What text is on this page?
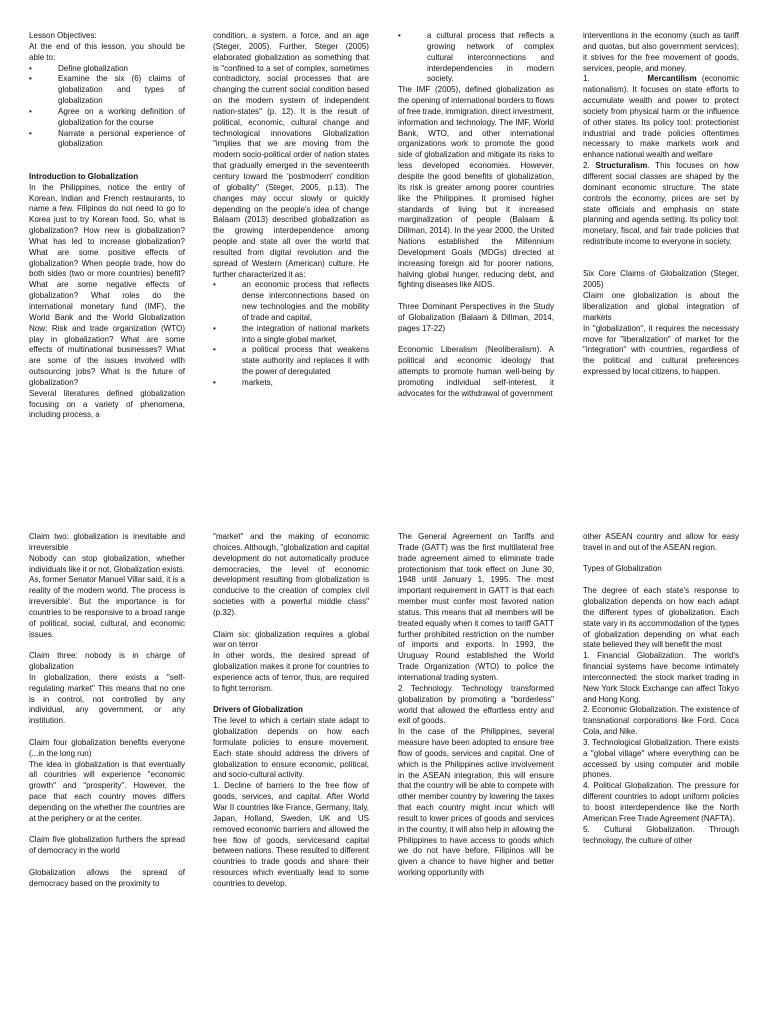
Lesson Objectives:

At the end of this lesson, you should be able to:

• Define globalization

• Examine the six (6) claims of globalization and types of globalization

• Agree on a working definition of globalization for the course

• Narrate a personal experience of globalization

Introduction to Globalization

In the Philippines, notice the entry of Korean, Indian and French restaurants, to name a few. Filipinos do not need to go to Korea just to try Korean food. So, what is globalization? How new is globalization? What has led to increase globalization? What are some positive effects of globalization? When people trade, how do both sides (two or more countries) benefit? What are some negative effects of globalization? What roles do the international monetary fund (IMF), the World Bank and the World Globalization Now: Risk and trade organization (WTO) play in globalization? What are some effects of multinational businesses? What are some of the issues involved with outsourcing jobs? What is the future of globalization?

Several literatures defined globalization focusing on a variety of phenomena, including process, a

condition, a system, a force, and an age (Steger, 2005). Further, Steger (2005) elaborated globalization as something that is "confined to a set of complex, sometimes contradictory, social processes that are changing the current social condition based on the modern system of independent nation-states" (p. 12). It is the result of political, economic, cultural change and technological innovations Globalization "implies that we are moving from the modern socio-political order of nation states that gradually emerged in the seventeenth century toward the 'postmodern' condition of globality" (Steger, 2005, p.13). The changes may occur slowly or quickly depending on the people's idea of change Balaam (2013) described globalization as the growing interdependence among people and state all over the world that resulted from digital revolution and the spread of Western (American) culture. He further characterized it as:

• an economic process that reflects dense interconnections based on new technologies and the mobility of trade and capital,

• the integration of national markets into a single global market,

• a political process that weakens state authority and replaces it with the power of deregulated

• markets,

• a cultural process that reflects a growing network of complex cultural interconnections and interdependencies in modern society.

The IMF (2005), defined globalization as the opening of international borders to flows of free trade, immigration, direct investment, information and technology. The IMF, World Bank, WTO, and other international organizations work to promote the good side of globalization and mitigate its risks to less developed economies. However, despite the good benefits of globalization, its risk is greater among poorer countries like the Philippines. It promised higher standards of living but it increased marginalization of people (Balaam & Dillman, 2014). In the year 2000, the United Nations established the Millennium Development Goals (MDGs) directed at increasing foreign aid for poorer nations, halving global hunger, reducing debt, and fighting diseases like AIDS.

Three Dominant Perspectives in the Study of Globalization (Balaam & Dillman, 2014, pages 17-22)

Economic Liberalism (Neoliberalism). A political and economic ideology that attempts to promote human well-being by promoting individual self-interest, it advocates for the withdrawal of government

interventions in the economy (such as tariff and quotas, but also government services); it strives for the free movement of goods, services, people, and money.

1.	Mercantilism (economic nationalism). It focuses on state efforts to accumulate wealth and power to protect society from physical harm or the influence of other states. Its policy tool: protectionist industrial and trade policies oftentimes necessary to make markets work and enhance national wealth and welfare

2. Structuralism. This focuses on how different social classes are shaped by the dominant economic structure. The state controls the economy, prices are set by state officials and emphasis on state planning and agenda setting. Its policy tool: monetary, fiscal, and fair trade policies that redistribute income to everyone in society.

Six Core Claims of Globalization (Steger, 2005)

Claim one globalization is about the liberalization and global integration of markets

In "globalization", it requires the necessary move for "liberalization" of market for the "integration" with countries, regardless of the political and cultural preferences expressed by local citizens, to happen.

Claim two: globalization is inevitable and irreversible

Nobody can stop globalization, whether individuals like it or not, Globalization exists. As, former Senator Manuel Villar said, it is a reality of the modern world. The process is irreversible'. But the importance is for countries to be responsive to a broad range of political, social, cultural, and economic issues.

Claim three: nobody is in charge of globalization

In globalization, there exists a "self-regulating market" This means that no one is in control, not controlled by any individual, any government, or any institution.

Claim four globalization benefits everyone (...in the long run)

The idea in globalization is that eventually all countries will experience "economic growth" and "prosperity". However, the pace that each country moves differs depending on the whether the countries are at the periphery or at the center.

Claim five globalization furthers the spread of democracy in the world

Globalization allows the spread of democracy based on the proximity to

"market" and the making of economic choices. Although, "globalization and capital development do not automatically produce democracies, the level of economic development resulting from globalization is conducive to the creation of complex civil societies with a powerful middle class" (p.32).

Claim six: globalization requires a global war on terror

In other words, the desired spread of globalization makes it prone for countries to experience acts of terror, thus, are required to fight terrorism.

Drivers of Globalization

The level to which a certain state adapt to globalization depends on how each formulate policies to ensure movement. Each state should address the drivers of globalization to ensure economic, political, and socio-cultural activity.

1. Decline of barriers to the free flow of goods, services, and capital. After World War II countries like France, Germany, Italy, Japan, Holland, Sweden, UK and US removed economic barriers and allowed the free flow of goods, servicesand capital between nations. These resulted to different countries to trade goods and share their resources which eventually lead to some countries to develop.

The General Agreement on Tariffs and Trade (GATT) was the first multilateral free trade agreement aimed to eliminate trade protectionism that took effect on June 30, 1948 until January 1, 1995. The most important requirement in GATT is that each member must confer most favored nation status. This means that all members will be treated equally when it comes to tariff GATT further prohibited restriction on the number of imports and exports. In 1993, the Uruguay Round established the World Trade Organization (WTO) to police the international trading system.

2 Technology. Technology transformed globalization by promoting a "borderless" world that allowed the effortless entry and exit of goods.

In the case of the Philippines, several measure have been adopted to ensure free flow of goods, services and capital. One of which is the Philippines active involvement in the ASEAN integration, this will ensure that the country will be able to compete with other member country by lowering the taxes that each country might incur which will result to lower prices of goods and services in the country, it will also help in allowing the Philippines to have access to goods which we do not have before, Filipinos will be given a chance to have higher and better working opportunity with

other ASEAN country and allow for easy travel in and out of the ASEAN region.

Types of Globalization

The degree of each state's response to globalization depends on how each adapt the different types of globalization. Each state vary in its accommodation of the types of globalization depending on what each state believed they will benefit the most

1. Financial Globalization. The world's financial systems have become intimately interconnected: the stock market trading in New York Stock Exchange can affect Tokyo and Hong Kong.

2. Economic Globalization. The existence of transnational corporations like Ford, Coca Cola, and Nike.

3. Technological Globalization. There exists a "global village" where everything can be accessed by using computer and mobile phones.

4. Political Globalization. The pressure for different countries to adopt uniform policies to boost interdependence like the North American Free Trade Agreement (NAFTA).

5. Cultural Globalization. Through technology, the culture of other
